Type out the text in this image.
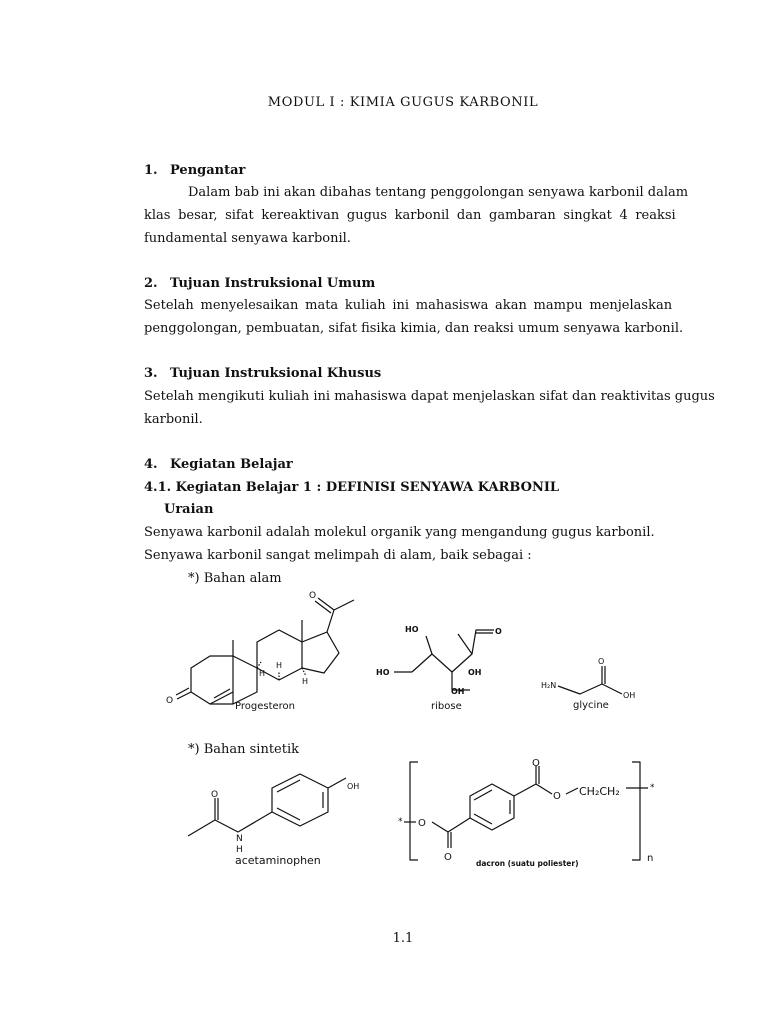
MODUL I : KIMIA GUGUS KARBONIL
1. Pengantar
Dalam bab ini akan dibahas tentang penggolongan senyawa karbonil dalam
klas besar, sifat kereaktivan gugus karbonil dan gambaran singkat 4 reaksi
fundamental senyawa karbonil.
2. Tujuan Instruksional Umum
Setelah menyelesaikan mata kuliah ini mahasiswa akan mampu menjelaskan
penggolongan, pembuatan, sifat fisika kimia, dan reaksi umum senyawa karbonil.
3. Tujuan Instruksional Khusus
Setelah mengikuti kuliah ini mahasiswa dapat menjelaskan sifat dan reaktivitas gugus
karbonil.
4. Kegiatan Belajar
4.1. Kegiatan Belajar 1 : DEFINISI SENYAWA KARBONIL
Uraian
Senyawa karbonil adalah molekul organik yang mengandung gugus karbonil.
Senyawa karbonil sangat melimpah di alam, baik sebagai :
*) Bahan alam
*) Bahan sintetik
O
O
H
H
H
HO	O
HO	OH
OH
O
H₂N
OH
O
N
H
OH
O
O
O
O CH₂CH₂
*
*
n
Progesteron	ribose	glycine
acetaminophen	dacron (suatu poliester)
1.1
